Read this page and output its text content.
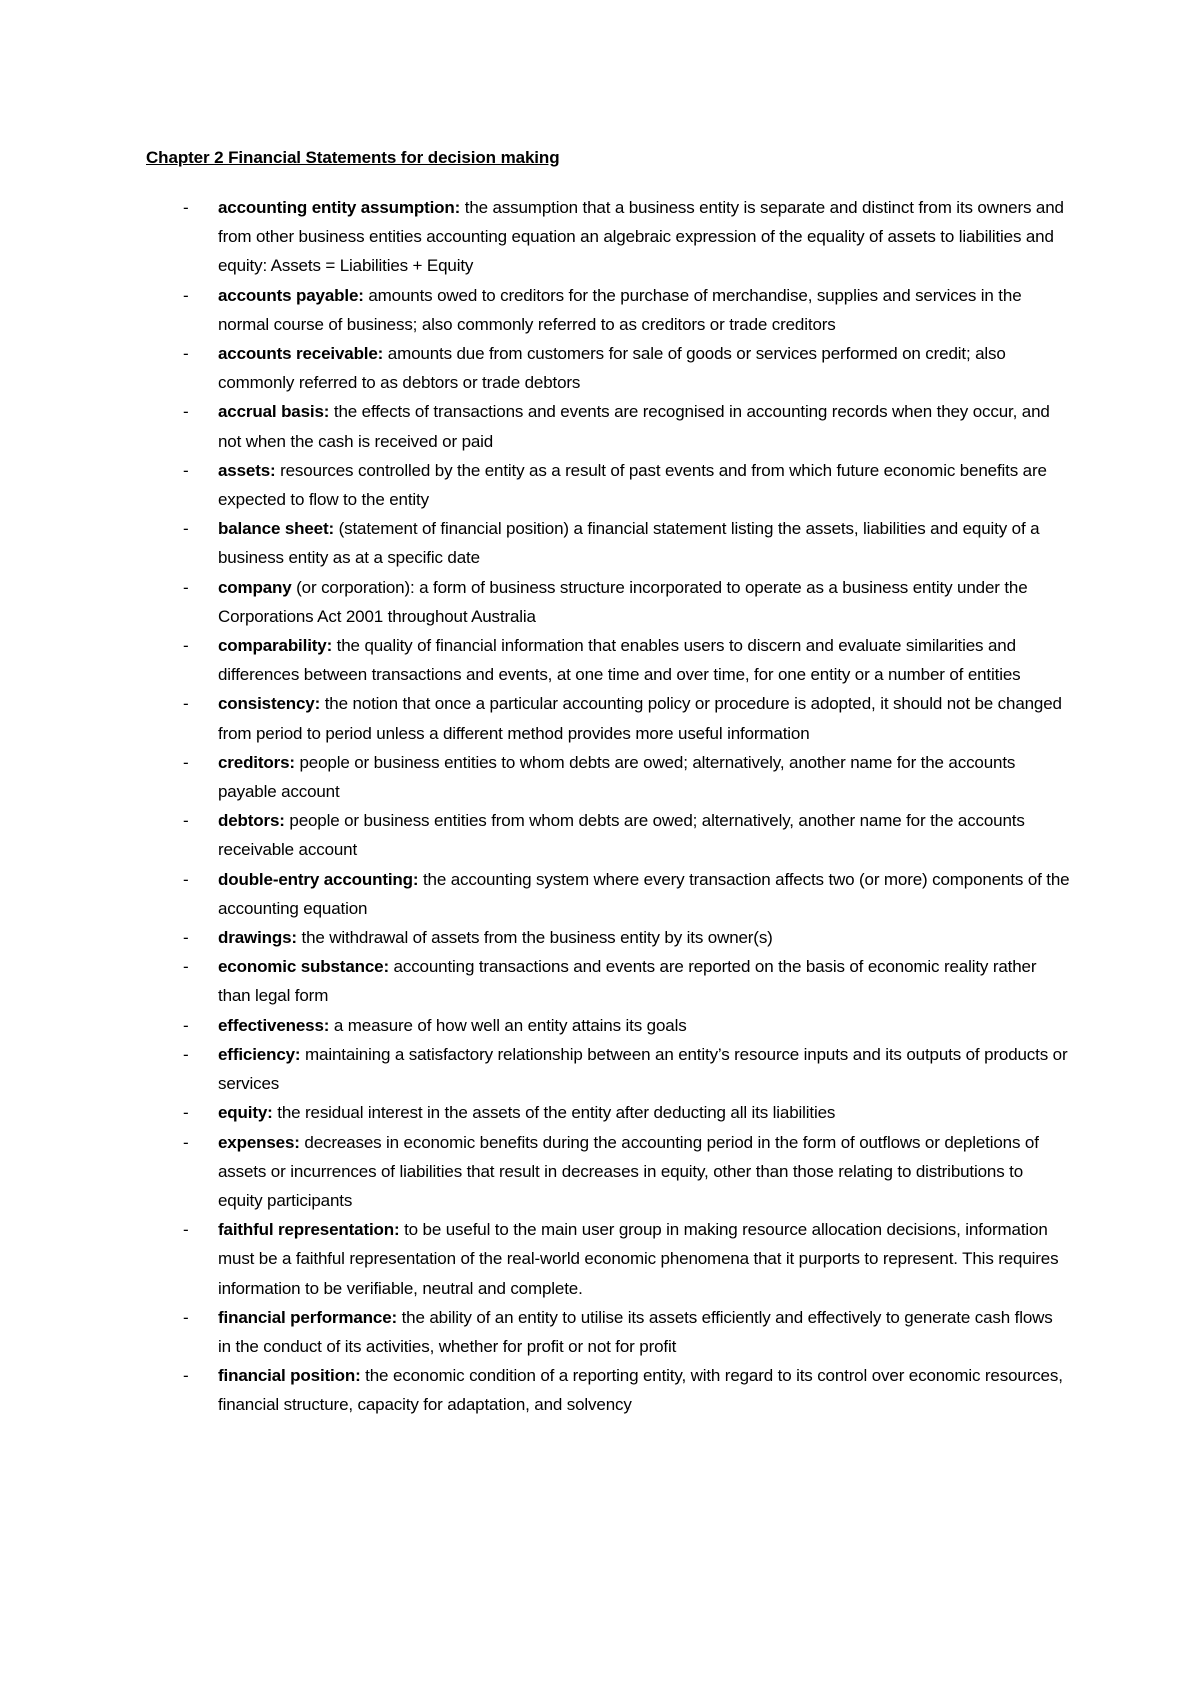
Chapter 2 Financial Statements for decision making
- accounting entity assumption: the assumption that a business entity is separate and distinct from its owners and from other business entities accounting equation an algebraic expression of the equality of assets to liabilities and equity: Assets = Liabilities + Equity
- accounts payable: amounts owed to creditors for the purchase of merchandise, supplies and services in the normal course of business; also commonly referred to as creditors or trade creditors
- accounts receivable: amounts due from customers for sale of goods or services performed on credit; also commonly referred to as debtors or trade debtors
- accrual basis: the effects of transactions and events are recognised in accounting records when they occur, and not when the cash is received or paid
- assets: resources controlled by the entity as a result of past events and from which future economic benefits are expected to flow to the entity
- balance sheet: (statement of financial position) a financial statement listing the assets, liabilities and equity of a business entity as at a specific date
- company (or corporation): a form of business structure incorporated to operate as a business entity under the Corporations Act 2001 throughout Australia
- comparability: the quality of financial information that enables users to discern and evaluate similarities and differences between transactions and events, at one time and over time, for one entity or a number of entities
- consistency: the notion that once a particular accounting policy or procedure is adopted, it should not be changed from period to period unless a different method provides more useful information
- creditors: people or business entities to whom debts are owed; alternatively, another name for the accounts payable account
- debtors: people or business entities from whom debts are owed; alternatively, another name for the accounts receivable account
- double-entry accounting: the accounting system where every transaction affects two (or more) components of the accounting equation
- drawings: the withdrawal of assets from the business entity by its owner(s)
- economic substance: accounting transactions and events are reported on the basis of economic reality rather than legal form
- effectiveness: a measure of how well an entity attains its goals
- efficiency: maintaining a satisfactory relationship between an entity’s resource inputs and its outputs of products or services
- equity: the residual interest in the assets of the entity after deducting all its liabilities
- expenses: decreases in economic benefits during the accounting period in the form of outflows or depletions of assets or incurrences of liabilities that result in decreases in equity, other than those relating to distributions to equity participants
- faithful representation: to be useful to the main user group in making resource allocation decisions, information must be a faithful representation of the real-world economic phenomena that it purports to represent. This requires information to be verifiable, neutral and complete.
- financial performance: the ability of an entity to utilise its assets efficiently and effectively to generate cash flows in the conduct of its activities, whether for profit or not for profit
- financial position: the economic condition of a reporting entity, with regard to its control over economic resources, financial structure, capacity for adaptation, and solvency
